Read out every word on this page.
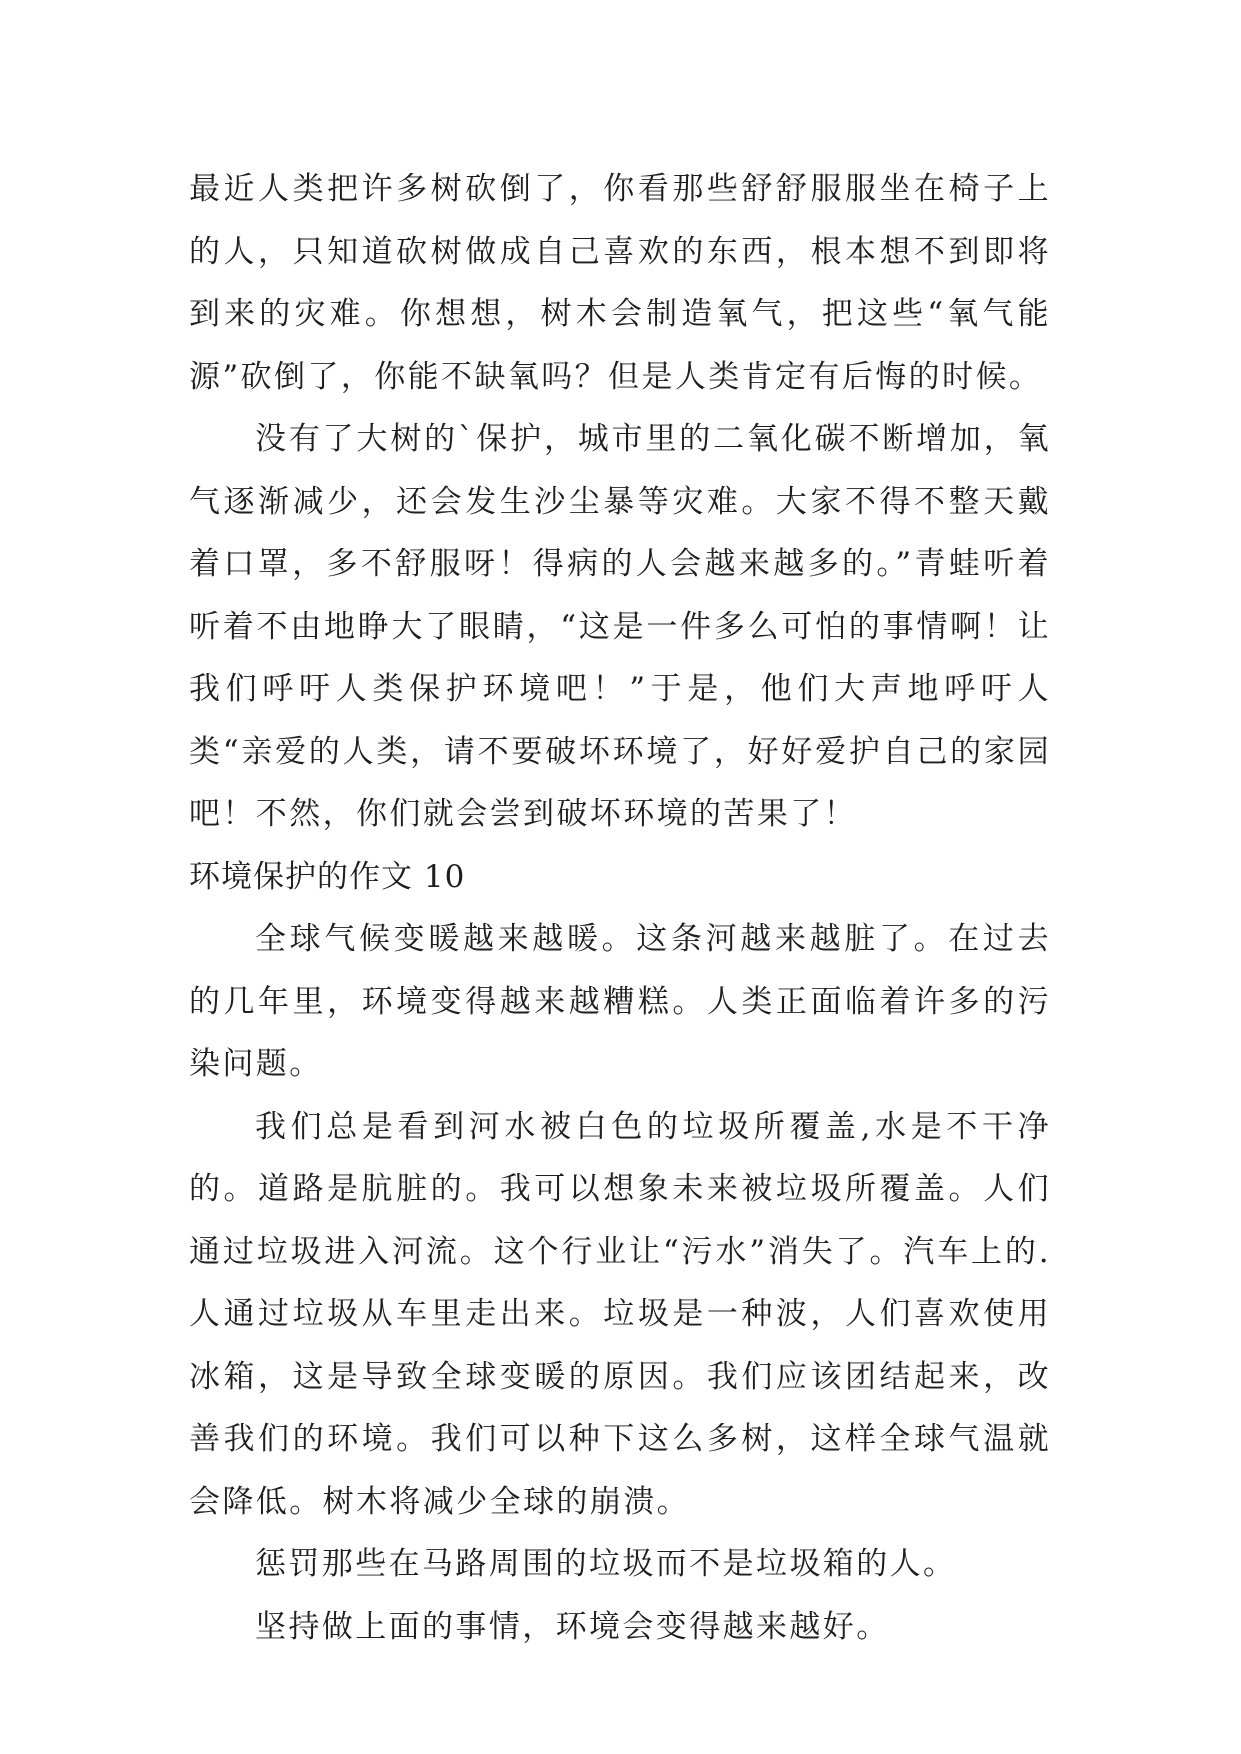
最近人类把许多树砍倒了，你看那些舒舒服服坐在椅子上的人，只知道砍树做成自己喜欢的东西，根本想不到即将到来的灾难。你想想，树木会制造氧气，把这些“氧气能源”砍倒了，你能不缺氧吗？但是人类肯定有后悔的时候。

没有了大树的`保护，城市里的二氧化碳不断增加，氧气逐渐减少，还会发生沙尘暴等灾难。大家不得不整天戴着口罩，多不舒服呀！得病的人会越来越多的。”青蛙听着听着不由地睁大了眼睛，“这是一件多么可怕的事情啊！让我们呼吁人类保护环境吧！”于是，他们大声地呼吁人类“亲爱的人类，请不要破坏环境了，好好爱护自己的家园吧！不然，你们就会尝到破坏环境的苦果了！

环境保护的作文 10

全球气候变暖越来越暖。这条河越来越脏了。在过去的几年里，环境变得越来越糟糕。人类正面临着许多的污染问题。

我们总是看到河水被白色的垃圾所覆盖,水是不干净的。道路是肮脏的。我可以想象未来被垃圾所覆盖。人们通过垃圾进入河流。这个行业让“污水”消失了。汽车上的.人通过垃圾从车里走出来。垃圾是一种波，人们喜欢使用冰箱，这是导致全球变暖的原因。我们应该团结起来，改善我们的环境。我们可以种下这么多树，这样全球气温就会降低。树木将减少全球的崩溃。

惩罚那些在马路周围的垃圾而不是垃圾箱的人。

坚持做上面的事情，环境会变得越来越好。
